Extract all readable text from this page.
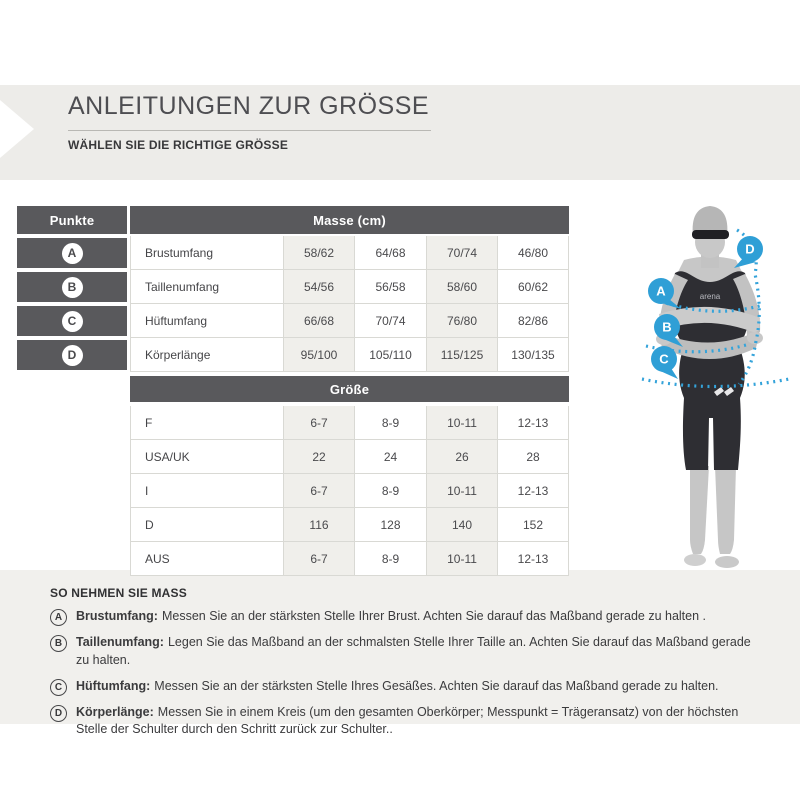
ANLEITUNGEN ZUR GRÖSSE
WÄHLEN SIE DIE RICHTIGE GRÖSSE
Punkte	Masse (cm)
A	Brustumfang	58/62	64/68	70/74	46/80
B	Taillenumfang	54/56	56/58	58/60	60/62
C	Hüftumfang	66/68	70/74	76/80	82/86
D	Körperlänge	95/100	105/110	115/125	130/135
Größe
F	6-7	8-9	10-11	12-13
USA/UK	22	24	26	28
I	6-7	8-9	10-11	12-13
D	116	128	140	152
AUS	6-7	8-9	10-11	12-13
SO NEHMEN SIE MASS
A	Brustumfang: Messen Sie an der stärksten Stelle Ihrer Brust. Achten Sie darauf das Maßband gerade zu halten .
B	Taillenumfang: Legen Sie das Maßband an der schmalsten Stelle Ihrer Taille an. Achten Sie darauf das Maßband gerade zu halten.
C	Hüftumfang: Messen Sie an der stärksten Stelle Ihres Gesäßes. Achten Sie darauf das Maßband gerade zu halten.
D	Körperlänge: Messen Sie in einem Kreis (um den gesamten Oberkörper; Messpunkt = Trägeransatz) von der höchsten Stelle der Schulter durch den Schritt zurück zur Schulter..
arena
A
B
C
D
